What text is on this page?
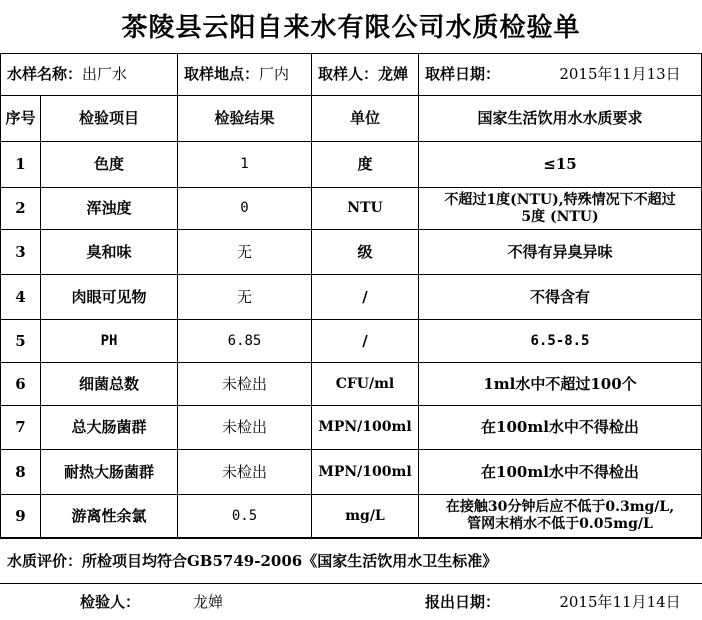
茶陵县云阳自来水有限公司水质检验单
水样名称： 出厂水	取样地点： 厂内 取样人： 龙婵	取样日期：	2015年11月13日
序号	检验项目	检验结果	单位	国家生活饮用水水质要求
1	色度	1	度	≤15
2	浑浊度	0	NTU
不超过1度(NTU),特殊情况下不超过
5度 (NTU)
3	臭和味	无	级	不得有异臭异味
4	肉眼可见物	无	/	不得含有
5	PH	6.85	/	6.5-8.5
6	细菌总数	未检出	CFU/ml	1ml水中不超过100个
7	总大肠菌群	未检出	MPN/100ml	在100ml水中不得检出
8	耐热大肠菌群	未检出	MPN/100ml	在100ml水中不得检出
9	游离性余氯	0.5	mg/L
在接触30分钟后应不低于0.3mg/L,
管网末梢水不低于0.05mg/L
水质评价：所检项目均符合GB5749-2006《国家生活饮用水卫生标准》
检验人：	龙婵	报出日期：	2015年11月14日
